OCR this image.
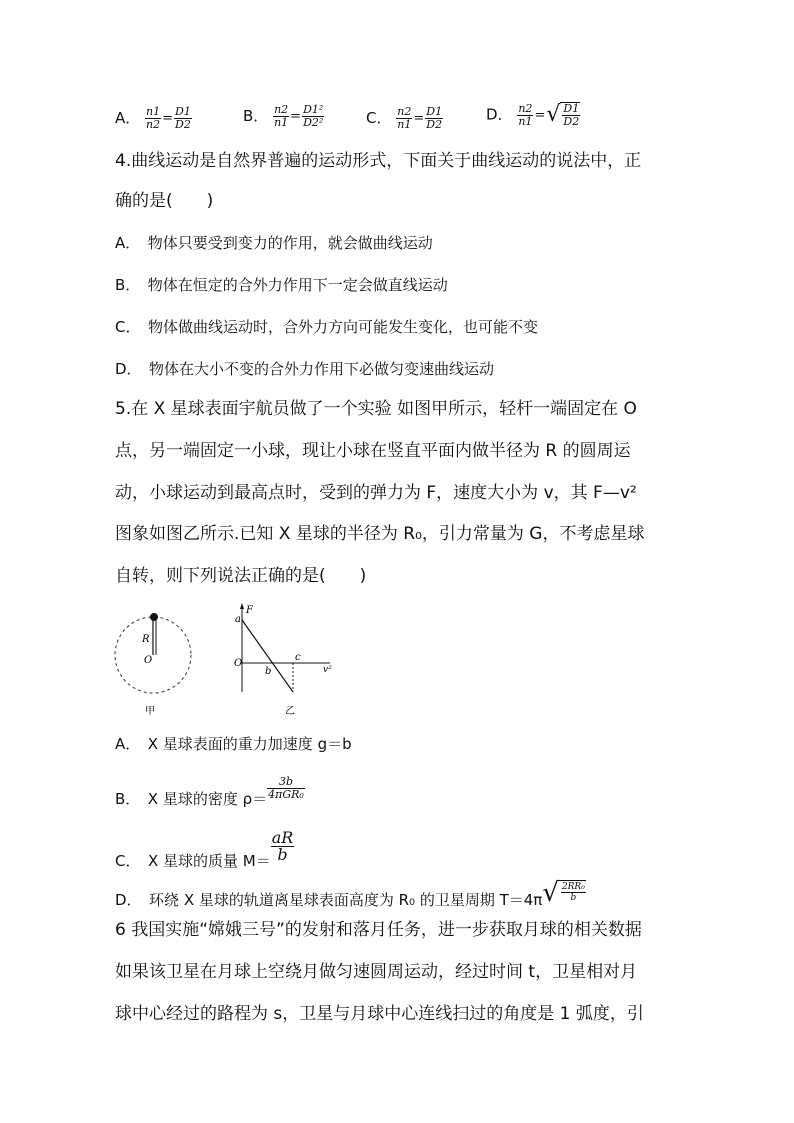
A． $\frac{n1}{n2} = \frac{D1}{D2}$	B． $\frac{n2}{n1} = \frac{\text{D1²}}{\text{D2²}}$	C． $\frac{n2}{n1} = \frac{D1}{D2}$	D． $\frac{n2}{n1}$ =√ $\frac{D1}{D2}$
4.曲线运动是自然界普遍的运动形式，下面关于曲线运动的说法中，正
确的是(　　)
A．　物体只要受到变力的作用，就会做曲线运动
B．　物体在恒定的合外力作用下一定会做直线运动
C．　物体做曲线运动时，合外力方向可能发生变化，也可能不变
D．　物体在大小不变的合外力作用下必做匀变速曲线运动
5.在 X 星球表面宇航员做了一个实验 如图甲所示，轻杆一端固定在 O
点，另一端固定一小球，现让小球在竖直平面内做半径为 R 的圆周运
动，小球运动到最高点时，受到的弹力为 F，速度大小为 v，其 F—v²
图象如图乙所示.已知 X 星球的半径为 R₀，引力常量为 G，不考虑星球
自转，则下列说法正确的是(　　)
R
O
甲
F
a
O
b
c
v²
乙
A．　X 星球表面的重力加速度 g＝b
B．　X 星球的密度 $\rho= \frac{3b}{\text{4πGR₀}}$
C．　X 星球的质量 $M= \frac{aR}{b}$
D．　环绕 X 星球的轨道离星球表面高度为 R₀ 的卫星周期 $T=4\pi√ \frac{\text{2RR₀}}{b}$
6 我国实施“嫦娥三号”的发射和落月任务，进一步获取月球的相关数据
如果该卫星在月球上空绕月做匀速圆周运动，经过时间 t，卫星相对月
球中心经过的路程为 s，卫星与月球中心连线扫过的角度是 1 弧度，引
